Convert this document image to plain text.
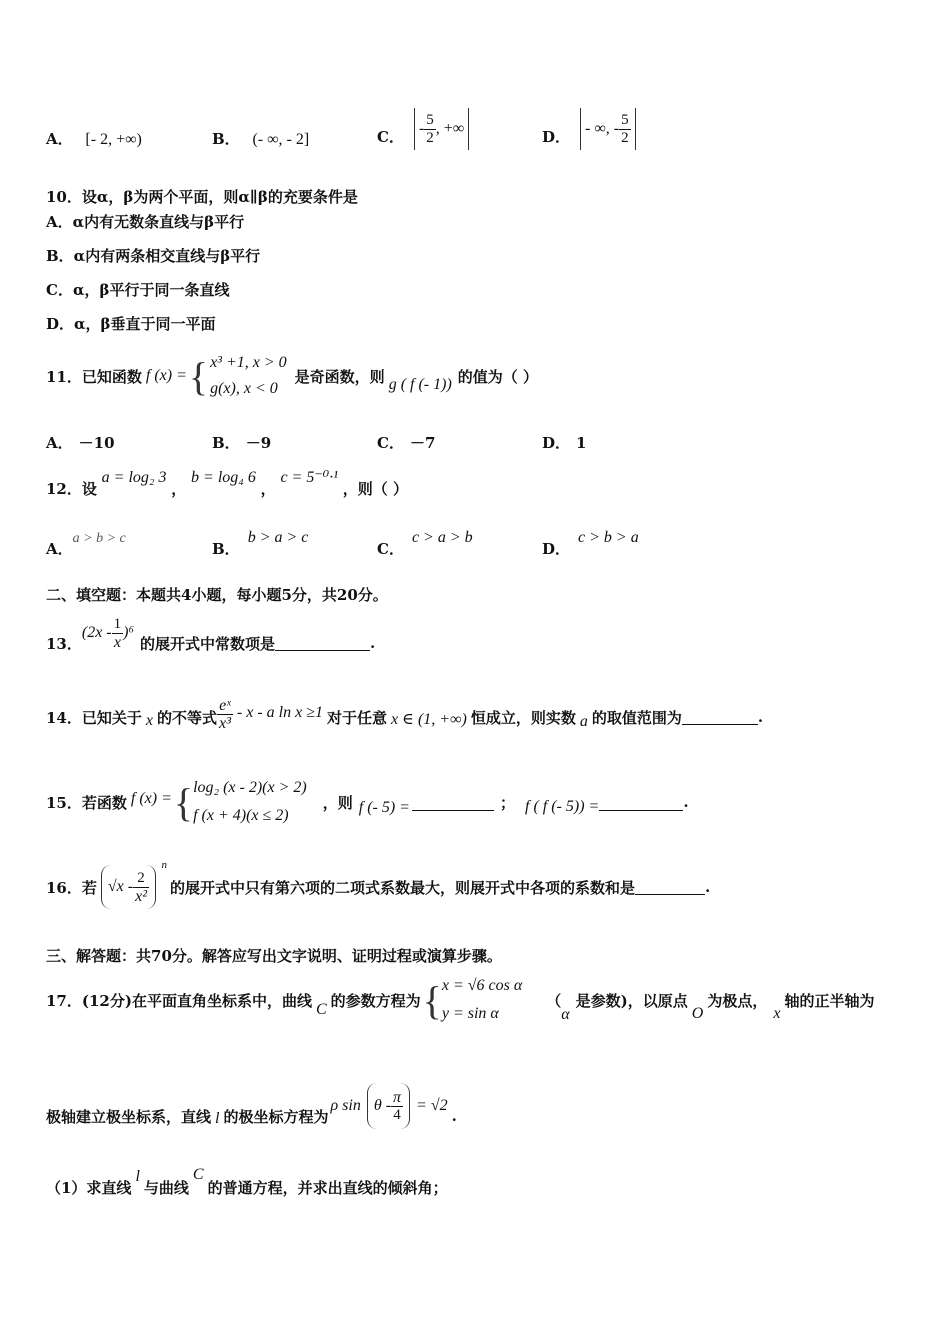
A． [- 2, +∞)	B． (- ∞, - 2]	C． - $\frac{5}{2}$ , +∞	D． - ∞, - $\frac{5}{2}$
10．设α，β为两个平面，则α∥β的充要条件是
A．α内有无数条直线与β平行
B．α内有两条相交直线与β平行
C．α，β平行于同一条直线
D．α，β垂直于同一平面
11．已知函数 f (x) = { x³ +1, x > 0
g(x), x < 0
是奇函数，则 g ( f (- 1)) 的值为（ ）
A． －10	B． －9	C． －7	D． 1
12．设 a = log₂ 3 ， b = log₄ 6 ， c = 5⁻⁰·¹ ，则（ ）
A．a > b > c
B．b > a > c
C．c > a > b
D．c > b > a
二、填空题：本题共4小题，每小题5分，共20分。
13．
$(2x - \frac{1}{x} )^6$
的展开式中常数项是	.
14．已知关于 x 的不等式 $\frac{\text{eˣ}}{\text{x³}}$ - x - a ln x ≥1 对于任意 x ∈ (1, +∞) 恒成立，则实数 a 的取值范围为	.
15．若函数 f (x) = { log₂ (x - 2)(x > 2)
f (x + 4)(x ≤ 2)
，则 f (- 5) =	； f ( f (- 5)) =	.
16．若 $√x - \frac{2}{\text{x²}}$
n
的展开式中只有第六项的二项式系数最大，则展开式中各项的系数和是	.
三、解答题：共70分。解答应写出文字说明、证明过程或演算步骤。
17．(12分)在平面直角坐标系中，曲线 C 的参数方程为 { x = √6 cos α
y = sin α
（
α
是参数)，以原点
O
为极点，
x
轴的正半轴为
极轴建立极坐标系，直线 l 的极坐标方程为
ρ $\sin \theta - \frac{\pi}{4} = √2$
.
（1）求直线
l
与曲线
C
的普通方程，并求出直线的倾斜角；
